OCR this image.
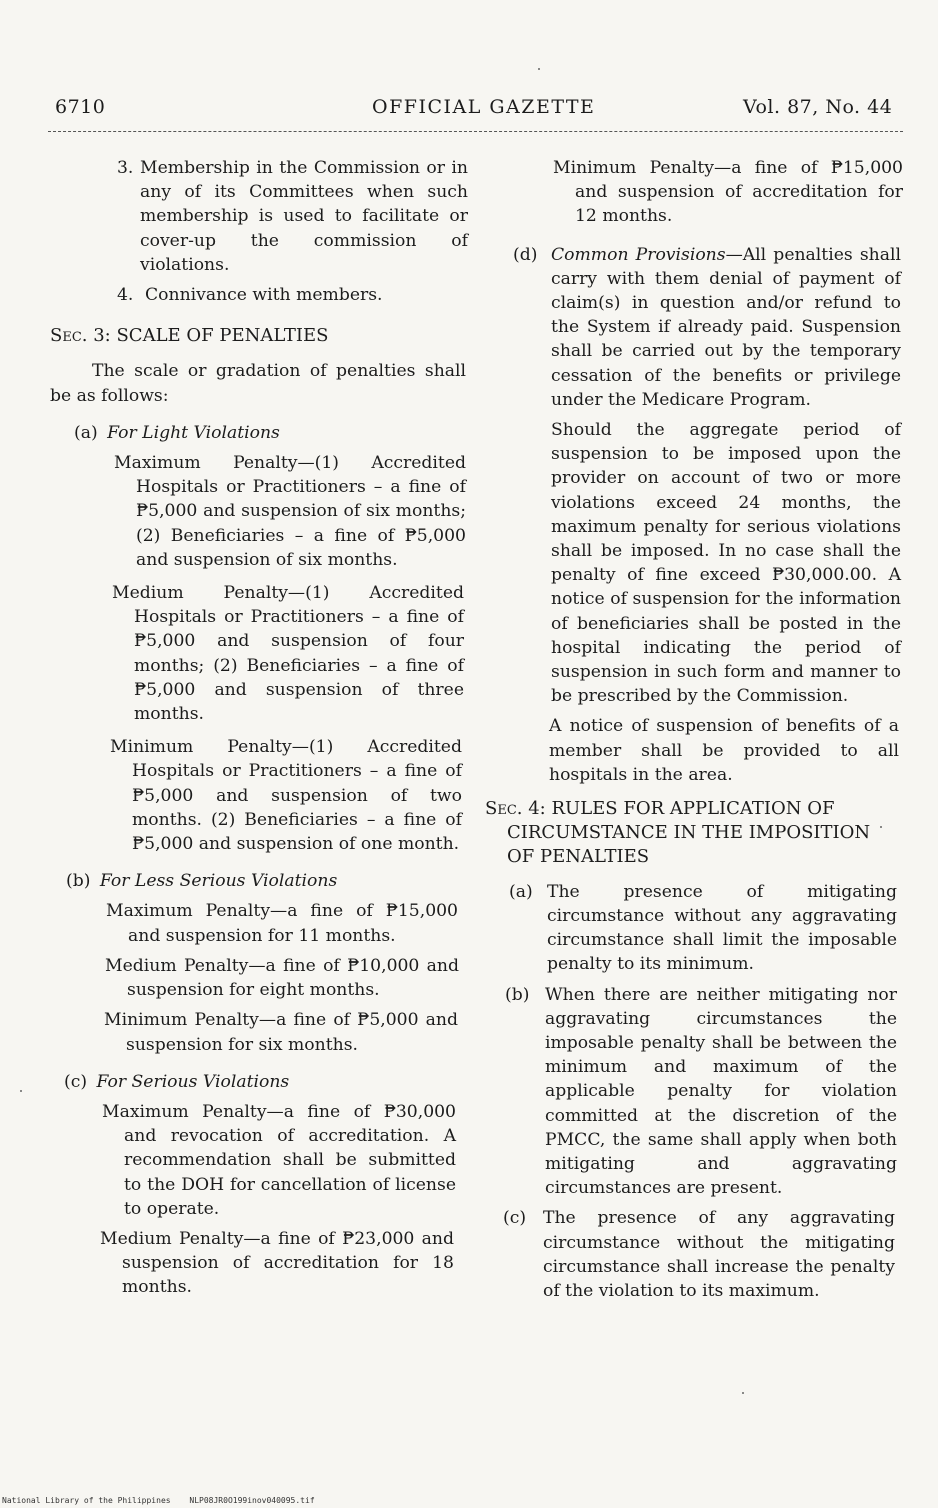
6710	OFFICIAL GAZETTE	Vol. 87, No. 44
3. Membership in the Commission or in any of its Committees when such membership is used to facilitate or cover-up the commission of violations.

4. Connivance with members.
Sec. 3: SCALE OF PENALTIES

The scale or gradation of penalties shall be as follows:

(a) For Light Violations

Maximum Penalty—(1) Accredited Hospitals or Practitioners – a fine of ₱5,000 and suspension of six months; (2) Beneficiaries – a fine of ₱5,000 and suspension of six months.

Medium Penalty—(1) Accredited Hospitals or Practitioners – a fine of ₱5,000 and suspension of four months; (2) Beneficiaries – a fine of ₱5,000 and suspension of three months.

Minimum Penalty—(1) Accredited Hospitals or Practitioners – a fine of ₱5,000 and suspension of two months. (2) Beneficiaries – a fine of ₱5,000 and suspension of one month.

(b) For Less Serious Violations

Maximum Penalty—a fine of ₱15,000 and suspension for 11 months.

Medium Penalty—a fine of ₱10,000 and suspension for eight months.

Minimum Penalty—a fine of ₱5,000 and suspension for six months.

(c) For Serious Violations

Maximum Penalty—a fine of ₱30,000 and revocation of accreditation. A recommendation shall be submitted to the DOH for cancellation of license to operate.

Medium Penalty—a fine of ₱23,000 and suspension of accreditation for 18 months.

Minimum Penalty—a fine of ₱15,000 and suspension of accreditation for 12 months.

(d) Common Provisions—All penalties shall carry with them denial of payment of claim(s) in question and/or refund to the System if already paid. Suspension shall be carried out by the temporary cessation of the benefits or privilege under the Medicare Program.

Should the aggregate period of suspension to be imposed upon the provider on account of two or more violations exceed 24 months, the maximum penalty for serious violations shall be imposed. In no case shall the penalty of fine exceed ₱30,000.00. A notice of suspension for the information of beneficiaries shall be posted in the hospital indicating the period of suspension in such form and manner to be prescribed by the Commission.

A notice of suspension of benefits of a member shall be provided to all hospitals in the area.

Sec. 4: RULES FOR APPLICATION OF CIRCUMSTANCE IN THE IMPOSITION OF PENALTIES
(a) The presence of mitigating circumstance without any aggravating circumstance shall limit the imposable penalty to its minimum.

(b) When there are neither mitigating nor aggravating circumstances the imposable penalty shall be between the minimum and maximum of the applicable penalty for violation committed at the discretion of the PMCC, the same shall apply when both mitigating and aggravating circumstances are present.

(c) The presence of any aggravating circumstance without the mitigating circumstance shall increase the penalty of the violation to its maximum.

National Library of the Philippines NLP08JR0O199inov040095.tif
